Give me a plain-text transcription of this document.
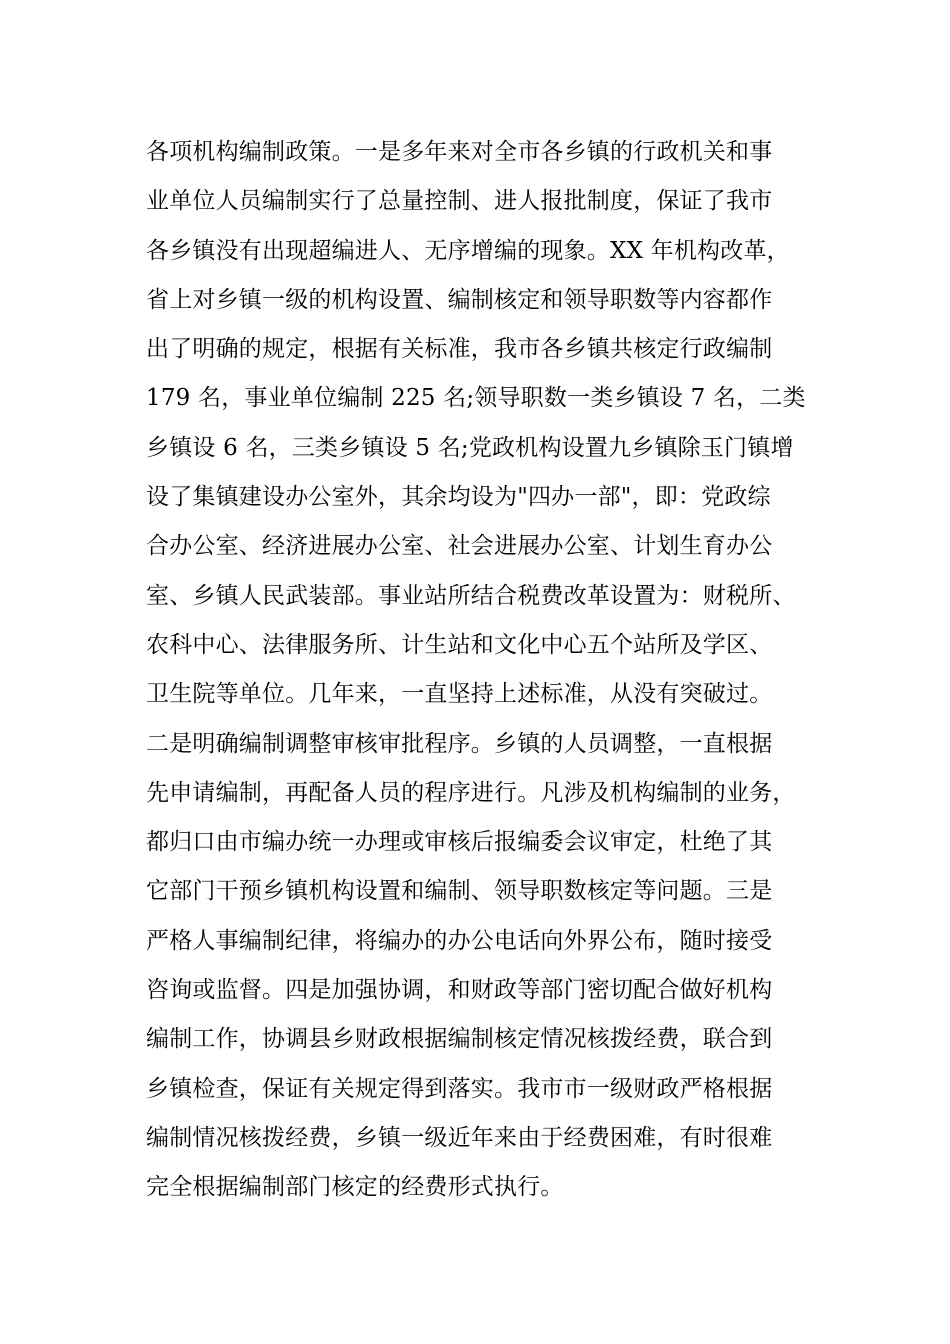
各项机构编制政策。一是多年来对全市各乡镇的行政机关和事
业单位人员编制实行了总量控制、进人报批制度，保证了我市
各乡镇没有出现超编进人、无序增编的现象。XX 年机构改革，
省上对乡镇一级的机构设置、编制核定和领导职数等内容都作
出了明确的规定，根据有关标准，我市各乡镇共核定行政编制
179 名，事业单位编制 225 名;领导职数一类乡镇设 7 名，二类
乡镇设 6 名，三类乡镇设 5 名;党政机构设置九乡镇除玉门镇增
设了集镇建设办公室外，其余均设为"四办一部"，即：党政综
合办公室、经济进展办公室、社会进展办公室、计划生育办公
室、乡镇人民武装部。事业站所结合税费改革设置为：财税所、
农科中心、法律服务所、计生站和文化中心五个站所及学区、
卫生院等单位。几年来，一直坚持上述标准，从没有突破过。
二是明确编制调整审核审批程序。乡镇的人员调整，一直根据
先申请编制，再配备人员的程序进行。凡涉及机构编制的业务，
都归口由市编办统一办理或审核后报编委会议审定，杜绝了其
它部门干预乡镇机构设置和编制、领导职数核定等问题。三是
严格人事编制纪律，将编办的办公电话向外界公布，随时接受
咨询或监督。四是加强协调，和财政等部门密切配合做好机构
编制工作，协调县乡财政根据编制核定情况核拨经费，联合到
乡镇检查，保证有关规定得到落实。我市市一级财政严格根据
编制情况核拨经费，乡镇一级近年来由于经费困难，有时很难
完全根据编制部门核定的经费形式执行。
